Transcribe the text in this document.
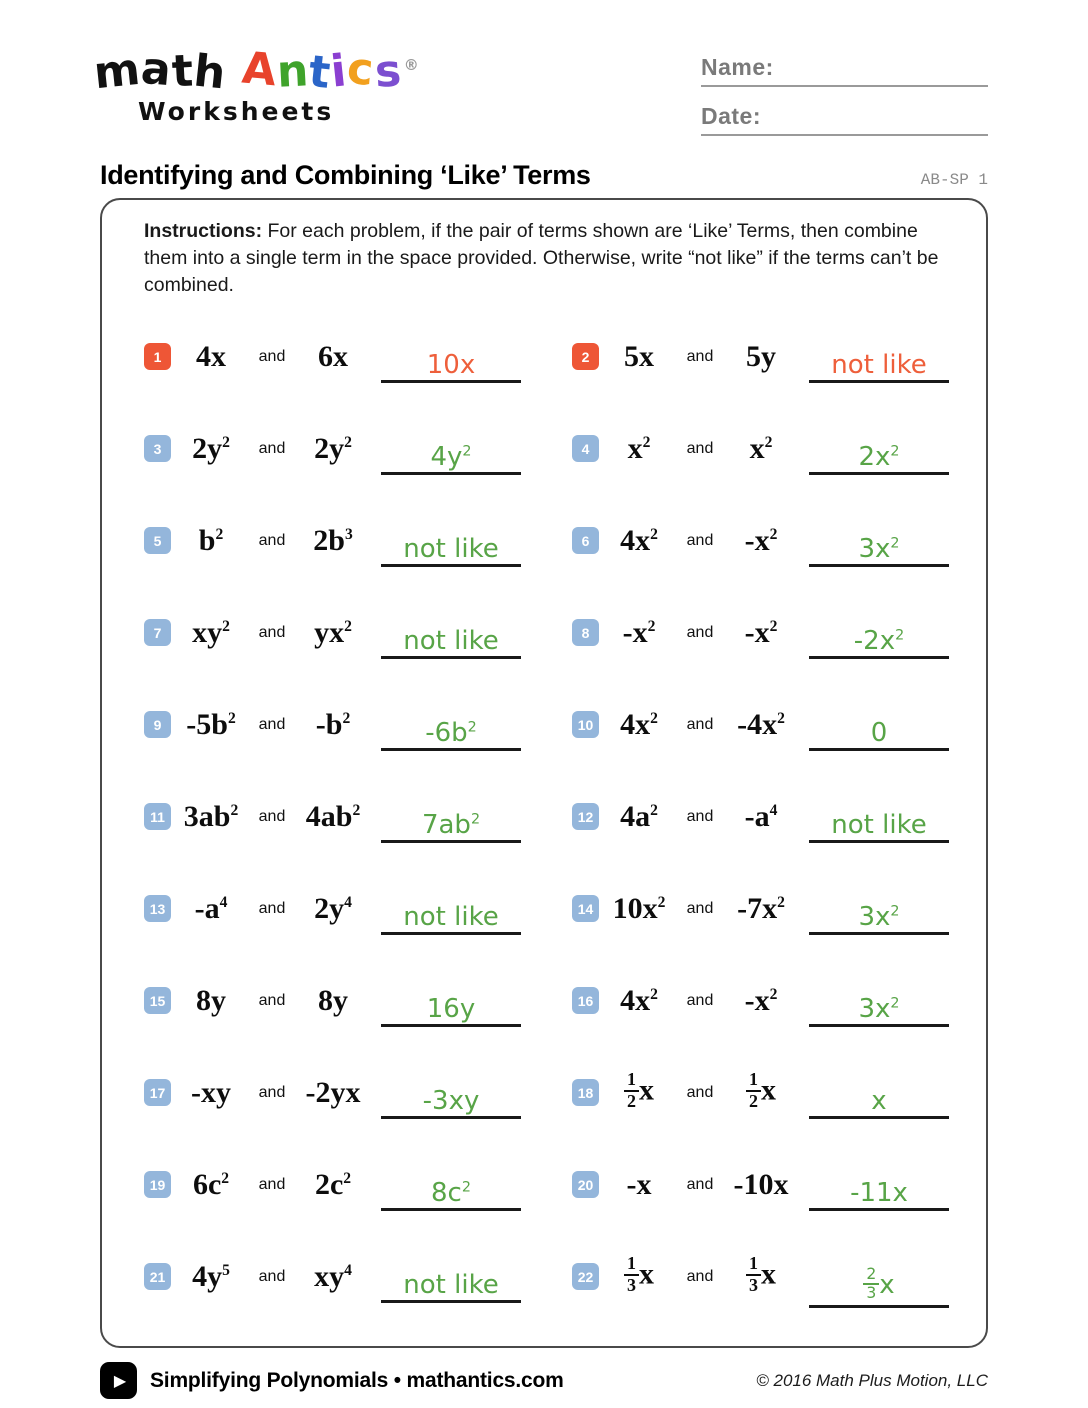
math Antics®
Worksheets
Name:
Date:
Identifying and Combining ‘Like’ Terms	AB-SP 1
Instructions: For each problem, if the pair of terms shown are ‘Like’ Terms, then combine them into a single term in the space provided. Otherwise, write “not like” if the terms can’t be combined.
1	4x	and	6x	10x	2	5x	and	5y	not like
3	$2y^2$	and $2y^2$	$4y^2$	4	$x^2$	and	$x^2$	$2x^2$
5	$b^2$	and $2b^3$	not like	6	$4x^2$	and	$-x^2$	$3x^2$
7	$xy^2$	and $yx^2$	not like	8	$-x^2$	and	$-x^2$	$-2x^2$
9 $-5b^2$	and	$-b^2$	$-6b^2$	10 $4x^2$	and $-4x^2$	0
11 $3ab^2$	and $4ab^2$	$7ab^2$	12 $4a^2$	and	$-a^4$	not like
13 $-a^4$	and $2y^4$	not like	14 $10x^2$	and $-7x^2$	$3x^2$
15	8y	and	8y	16y	16 $4x^2$	and	$-x^2$	$3x^2$
17 -xy	and -2yx	-3xy	18	$\frac{1}{2}$ x	and	$\frac{1}{2}$ x	x
19 $6c^2$	and $2c^2$	$8c^2$	20	-x	and -10x	-11x
21 $4y^5$	and $xy^4$	not like	22	$\frac{1}{3}$ x	and	$\frac{1}{3}$ x	$\frac{2}{3}$ x
▶	Simplifying Polynomials • mathantics.com	© 2016 Math Plus Motion, LLC
